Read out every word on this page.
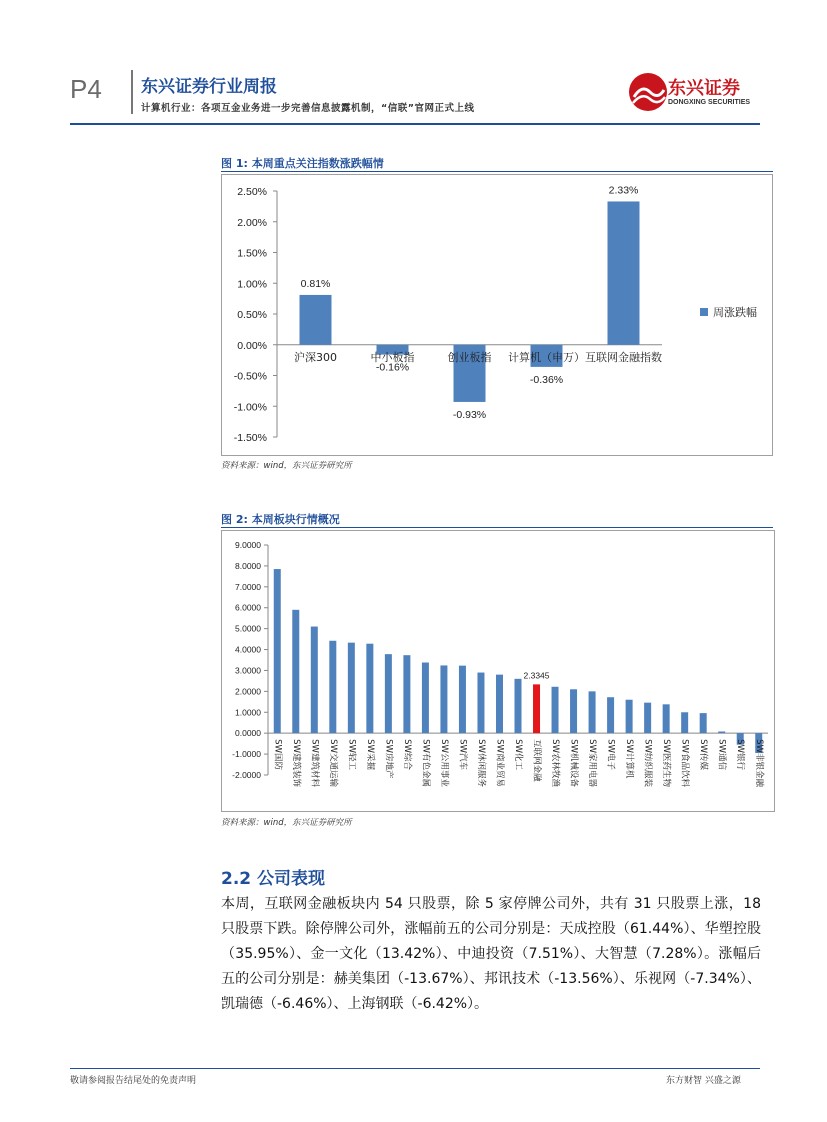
P4 东兴证券行业周报
计算机行业：各项互金业务进一步完善信息披露机制，“信联”官网正式上线
东兴证券
DONGXING SECURITIES
图 1: 本周重点关注指数涨跌幅情
2.50%
2.00%
1.50%
1.00%
0.50%
0.00%
-0.50%
-1.00%
-1.50%
0.81%
沪深300
-0.16%
中小板指
-0.93%
创业板指
-0.36%
计算机（申万）
2.33%
互联网金融指数
周涨跌幅
资料来源：wind，东兴证券研究所
图 2: 本周板块行情概况
9.0000
8.0000
7.0000
6.0000
5.0000
4.0000
3.0000
2.0000
1.0000
0.0000
-1.0000
-2.0000
SW国防 SW建筑装饰 SW建筑材料 SW交通运输 SW轻工 SW采掘 SW房地产 SW综合 SW有色金属 SW公用事业 SW汽车 SW休闲服务 SW商业贸易 SW化工
2.3345
互联网金融 SW农林牧渔 SW机械设备 SW家用电器 SW电子 SW计算机 SW纺织服装 SW医药生物 SW食品饮料 SW传媒 SW通信 SW银行 SW非银金融
资料来源：wind，东兴证券研究所
2.2 公司表现
本周，互联网金融板块内 54 只股票，除 5 家停牌公司外，共有 31 只股票上涨，18 只股票下跌。除停牌公司外，涨幅前五的公司分别是：天成控股（61.44%）、华塑控股（35.95%）、金一文化（13.42%）、中迪投资（7.51%）、大智慧（7.28%）。涨幅后五的公司分别是：赫美集团（-13.67%）、邦讯技术（-13.56%）、乐视网（-7.34%）、凯瑞德（-6.46%）、上海钢联（-6.42%）。
敬请参阅报告结尾处的免责声明	东方财智 兴盛之源
